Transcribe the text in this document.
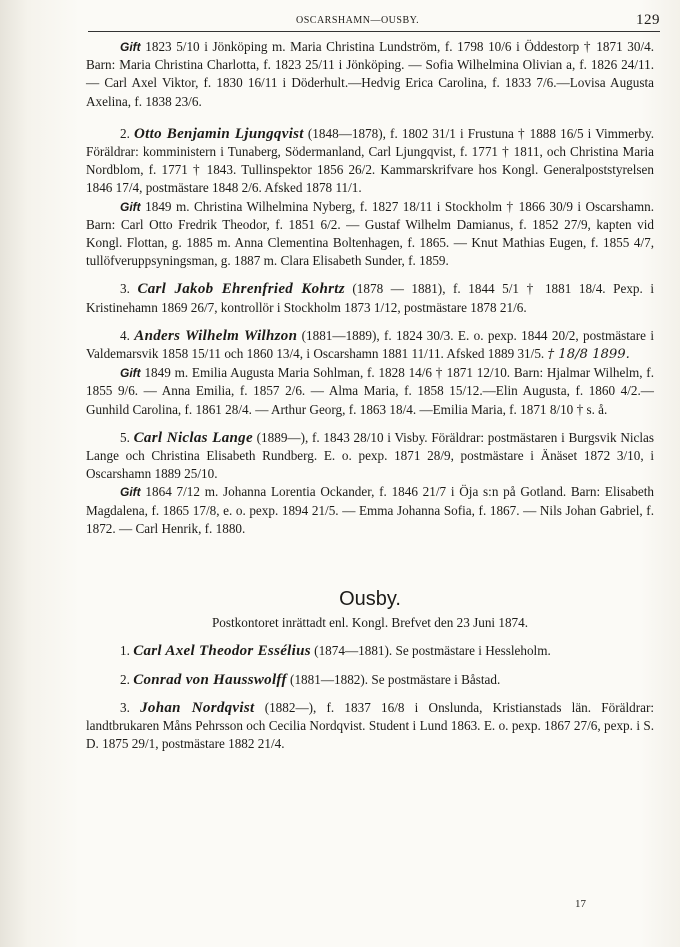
OSCARSHAMN—OUSBY.	129

Gift 1823 5/10 i Jönköping m. Maria Christina Lundström, f. 1798 10/6 i Öddestorp † 1871 30/4. Barn: Maria Christina Charlotta, f. 1823 25/11 i Jönköping. — Sofia Wilhelmina Olivian a, f. 1826 24/11. — Carl Axel Viktor, f. 1830 16/11 i Döderhult.—Hedvig Erica Carolina, f. 1833 7/6.—Lovisa Augusta Axelina, f. 1838 23/6.

2. Otto Benjamin Ljungqvist (1848—1878), f. 1802 31/1 i Frustuna † 1888 16/5 i Vimmerby. Föräldrar: komministern i Tunaberg, Södermanland, Carl Ljungqvist, f. 1771 † 1811, och Christina Maria Nordblom, f. 1771 † 1843. Tullinspektor 1856 26/2. Kammarskrifvare hos Kongl. Generalpoststyrelsen 1846 17/4, postmästare 1848 2/6. Afsked 1878 11/1.

Gift 1849 m. Christina Wilhelmina Nyberg, f. 1827 18/11 i Stockholm † 1866 30/9 i Oscarshamn. Barn: Carl Otto Fredrik Theodor, f. 1851 6/2. — Gustaf Wilhelm Damianus, f. 1852 27/9, kapten vid Kongl. Flottan, g. 1885 m. Anna Clementina Boltenhagen, f. 1865. — Knut Mathias Eugen, f. 1855 4/7, tullöfveruppsyningsman, g. 1887 m. Clara Elisabeth Sunder, f. 1859.

3. Carl Jakob Ehrenfried Kohrtz (1878 — 1881), f. 1844 5/1 † 1881 18/4. Pexp. i Kristinehamn 1869 26/7, kontrollör i Stockholm 1873 1/12, postmästare 1878 21/6.

4. Anders Wilhelm Wilhzon (1881—1889), f. 1824 30/3. E. o. pexp. 1844 20/2, postmästare i Valdemarsvik 1858 15/11 och 1860 13/4, i Oscarshamn 1881 11/11. Afsked 1889 31/5. † 18/8 1899.

Gift 1849 m. Emilia Augusta Maria Sohlman, f. 1828 14/6 † 1871 12/10. Barn: Hjalmar Wilhelm, f. 1855 9/6. — Anna Emilia, f. 1857 2/6. — Alma Maria, f. 1858 15/12.—Elin Augusta, f. 1860 4/2.—Gunhild Carolina, f. 1861 28/4. — Arthur Georg, f. 1863 18/4. —Emilia Maria, f. 1871 8/10 † s. å.

5. Carl Niclas Lange (1889—), f. 1843 28/10 i Visby. Föräldrar: postmästaren i Burgsvik Niclas Lange och Christina Elisabeth Rundberg. E. o. pexp. 1871 28/9, postmästare i Änäset 1872 3/10, i Oscarshamn 1889 25/10.

Gift 1864 7/12 m. Johanna Lorentia Ockander, f. 1846 21/7 i Öja s:n på Gotland. Barn: Elisabeth Magdalena, f. 1865 17/8, e. o. pexp. 1894 21/5. — Emma Johanna Sofia, f. 1867. — Nils Johan Gabriel, f. 1872. — Carl Henrik, f. 1880.

Ousby.
Postkontoret inrättadt enl. Kongl. Brefvet den 23 Juni 1874.

1. Carl Axel Theodor Essélius (1874—1881). Se postmästare i Hessleholm.

2. Conrad von Hausswolff (1881—1882). Se postmästare i Båstad.

3. Johan Nordqvist (1882—), f. 1837 16/8 i Onslunda, Kristianstads län. Föräldrar: landtbrukaren Måns Pehrsson och Cecilia Nordqvist. Student i Lund 1863. E. o. pexp. 1867 27/6, pexp. i S. D. 1875 29/1, postmästare 1882 21/4.

17
